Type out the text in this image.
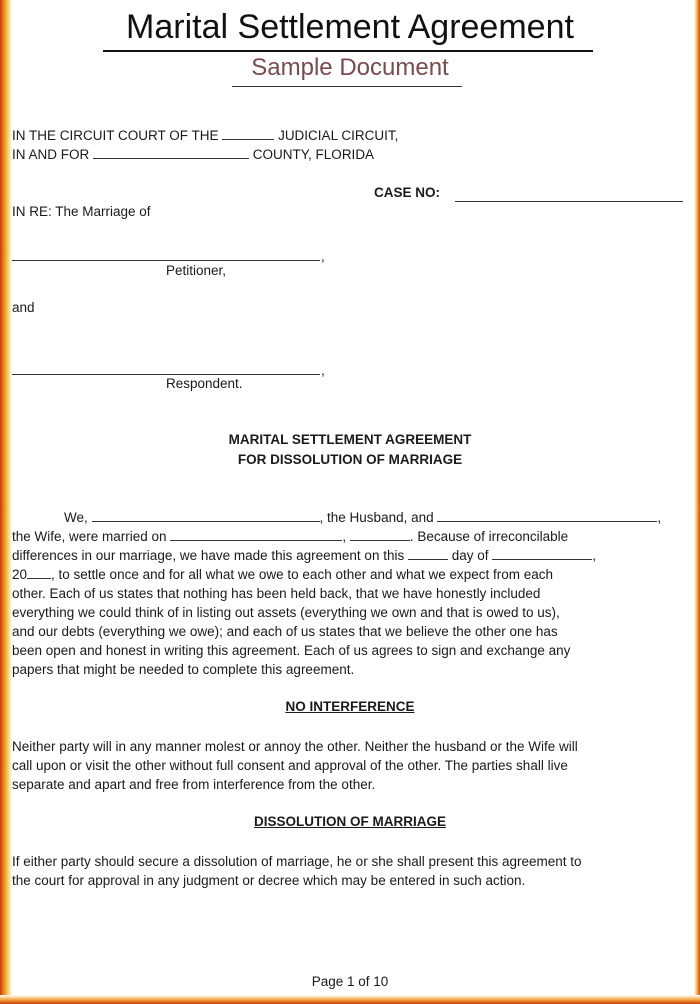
Marital Settlement Agreement
Sample Document
IN THE CIRCUIT COURT OF THE	JUDICIAL CIRCUIT,
IN AND FOR	COUNTY, FLORIDA
CASE NO:
IN RE: The Marriage of
,
Petitioner,
and
,
Respondent.
MARITAL SETTLEMENT AGREEMENT
FOR DISSOLUTION OF MARRIAGE
We,	, the Husband, and	,
the Wife, were married on	,	. Because of irreconcilable
differences in our marriage, we have made this agreement on this	day of	,
20 , to settle once and for all what we owe to each other and what we expect from each
other. Each of us states that nothing has been held back, that we have honestly included
everything we could think of in listing out assets (everything we own and that is owed to us),
and our debts (everything we owe); and each of us states that we believe the other one has
been open and honest in writing this agreement. Each of us agrees to sign and exchange any
papers that might be needed to complete this agreement.
NO INTERFERENCE
Neither party will in any manner molest or annoy the other. Neither the husband or the Wife will
call upon or visit the other without full consent and approval of the other. The parties shall live
separate and apart and free from interference from the other.
DISSOLUTION OF MARRIAGE
If either party should secure a dissolution of marriage, he or she shall present this agreement to
the court for approval in any judgment or decree which may be entered in such action.
Page 1 of 10
